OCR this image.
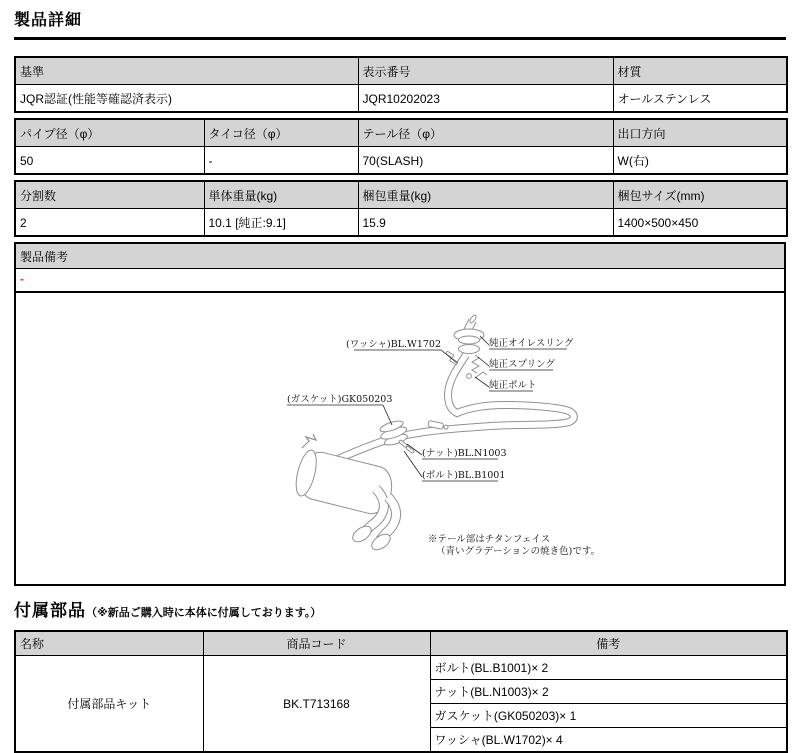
製品詳細
基準	表示番号	材質
JQR認証(性能等確認済表示)	JQR10202023	オールステンレス
パイプ径（φ）	タイコ径（φ）	テール径（φ）	出口方向
50	-	70(SLASH)	W(右)
分割数	単体重量(kg)	梱包重量(kg)	梱包サイズ(mm)
2	10.1 [純正:9.1]	15.9	1400×500×450
製品備考
-
(ワッシャ)BL.W1702	純正オイレスリング
純正スプリング
純正ボルト
(ガスケット)GK050203
(ナット)BL.N1003
(ボルト)BL.B1001
※テール部はチタンフェイス
（青いグラデーションの焼き色)です。
付属部品（※新品ご購入時に本体に付属しております。）
名称	商品コード	備考
付属部品キット	BK.T713168	ボルト(BL.B1001)× 2
		ナット(BL.N1003)× 2
		ガスケット(GK050203)× 1
		ワッシャ(BL.W1702)× 4
